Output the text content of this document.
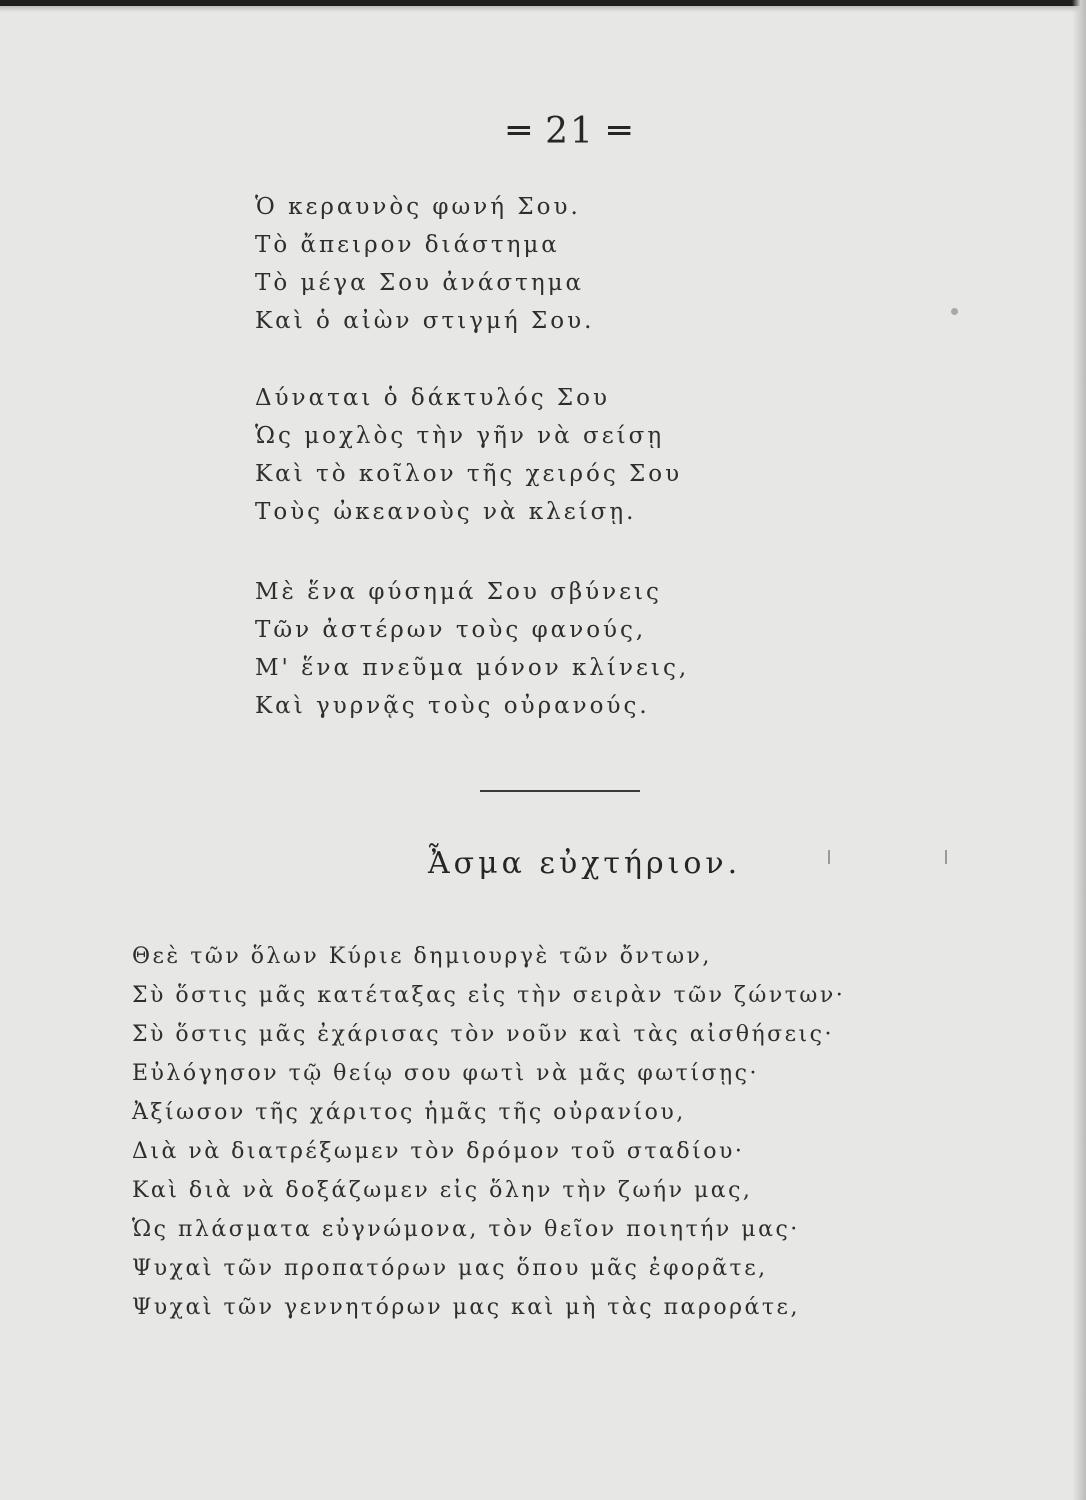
═ 21 ═
Ὁ κεραυνὸς φωνή Σου.
Τὸ ἄπειρον διάστημα
Τὸ μέγα Σου ἀνάστημα
Καὶ ὁ αἰὼν στιγμή Σου.
Δύναται ὁ δάκτυλός Σου
Ὡς μοχλὸς τὴν γῆν νὰ σείσῃ
Καὶ τὸ κοῖλον τῆς χειρός Σου
Τοὺς ὠκεανοὺς νὰ κλείσῃ.
Μὲ ἕνα φύσημά Σου σβύνεις
Τῶν ἀστέρων τοὺς φανούς,
Μ' ἕνα πνεῦμα μόνον κλίνεις,
Καὶ γυρνᾷς τοὺς οὐρανούς.
Ἆσμα εὐχτήριον.
Θεὲ τῶν ὅλων Κύριε δημιουργὲ τῶν ὄντων,
Σὺ ὅστις μᾶς κατέταξας εἰς τὴν σειρὰν τῶν ζώντων·
Σὺ ὅστις μᾶς ἐχάρισας τὸν νοῦν καὶ τὰς αἰσθήσεις·
Εὐλόγησον τῷ θείῳ σου φωτὶ νὰ μᾶς φωτίσῃς·
Ἀξίωσον τῆς χάριτος ἡμᾶς τῆς οὐρανίου,
Διὰ νὰ διατρέξωμεν τὸν δρόμον τοῦ σταδίου·
Καὶ διὰ νὰ δοξάζωμεν εἰς ὅλην τὴν ζωήν μας,
Ὡς πλάσματα εὐγνώμονα, τὸν θεῖον ποιητήν μας·
Ψυχαὶ τῶν προπατόρων μας ὅπου μᾶς ἐφορᾶτε,
Ψυχαὶ τῶν γεννητόρων μας καὶ μὴ τὰς παροράτε,
